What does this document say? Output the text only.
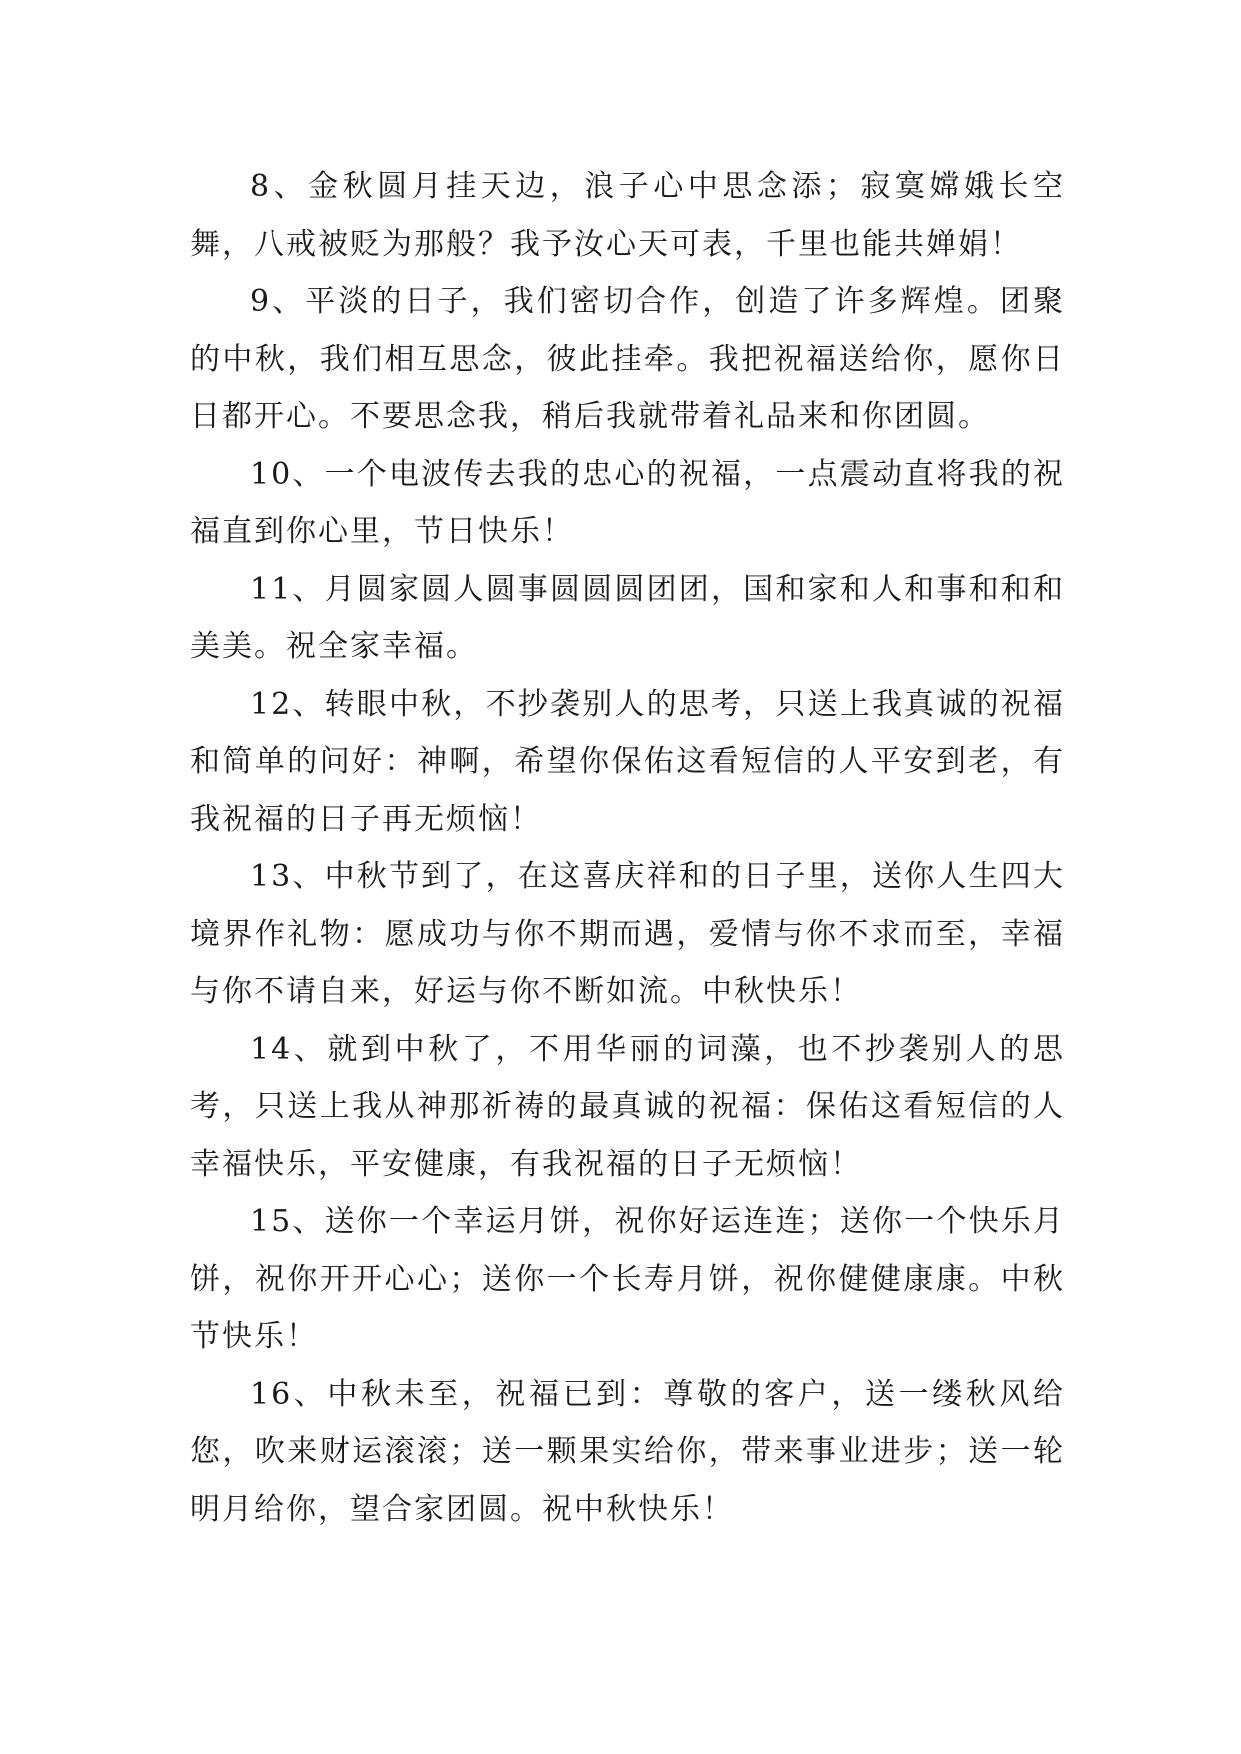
8、金秋圆月挂天边，浪子心中思念添；寂寞嫦娥长空舞，八戒被贬为那般？我予汝心天可表，千里也能共婵娟！

9、平淡的日子，我们密切合作，创造了许多辉煌。团聚的中秋，我们相互思念，彼此挂牵。我把祝福送给你，愿你日日都开心。不要思念我，稍后我就带着礼品来和你团圆。

10、一个电波传去我的忠心的祝福，一点震动直将我的祝福直到你心里，节日快乐！

11、月圆家圆人圆事圆圆圆团团，国和家和人和事和和和美美。祝全家幸福。

12、转眼中秋，不抄袭别人的思考，只送上我真诚的祝福和简单的问好：神啊，希望你保佑这看短信的人平安到老，有我祝福的日子再无烦恼！

13、中秋节到了，在这喜庆祥和的日子里，送你人生四大境界作礼物：愿成功与你不期而遇，爱情与你不求而至，幸福与你不请自来，好运与你不断如流。中秋快乐！

14、就到中秋了，不用华丽的词藻，也不抄袭别人的思考，只送上我从神那祈祷的最真诚的祝福：保佑这看短信的人幸福快乐，平安健康，有我祝福的日子无烦恼！

15、送你一个幸运月饼，祝你好运连连；送你一个快乐月饼，祝你开开心心；送你一个长寿月饼，祝你健健康康。中秋节快乐！

16、中秋未至，祝福已到：尊敬的客户，送一缕秋风给您，吹来财运滚滚；送一颗果实给你，带来事业进步；送一轮明月给你，望合家团圆。祝中秋快乐！
